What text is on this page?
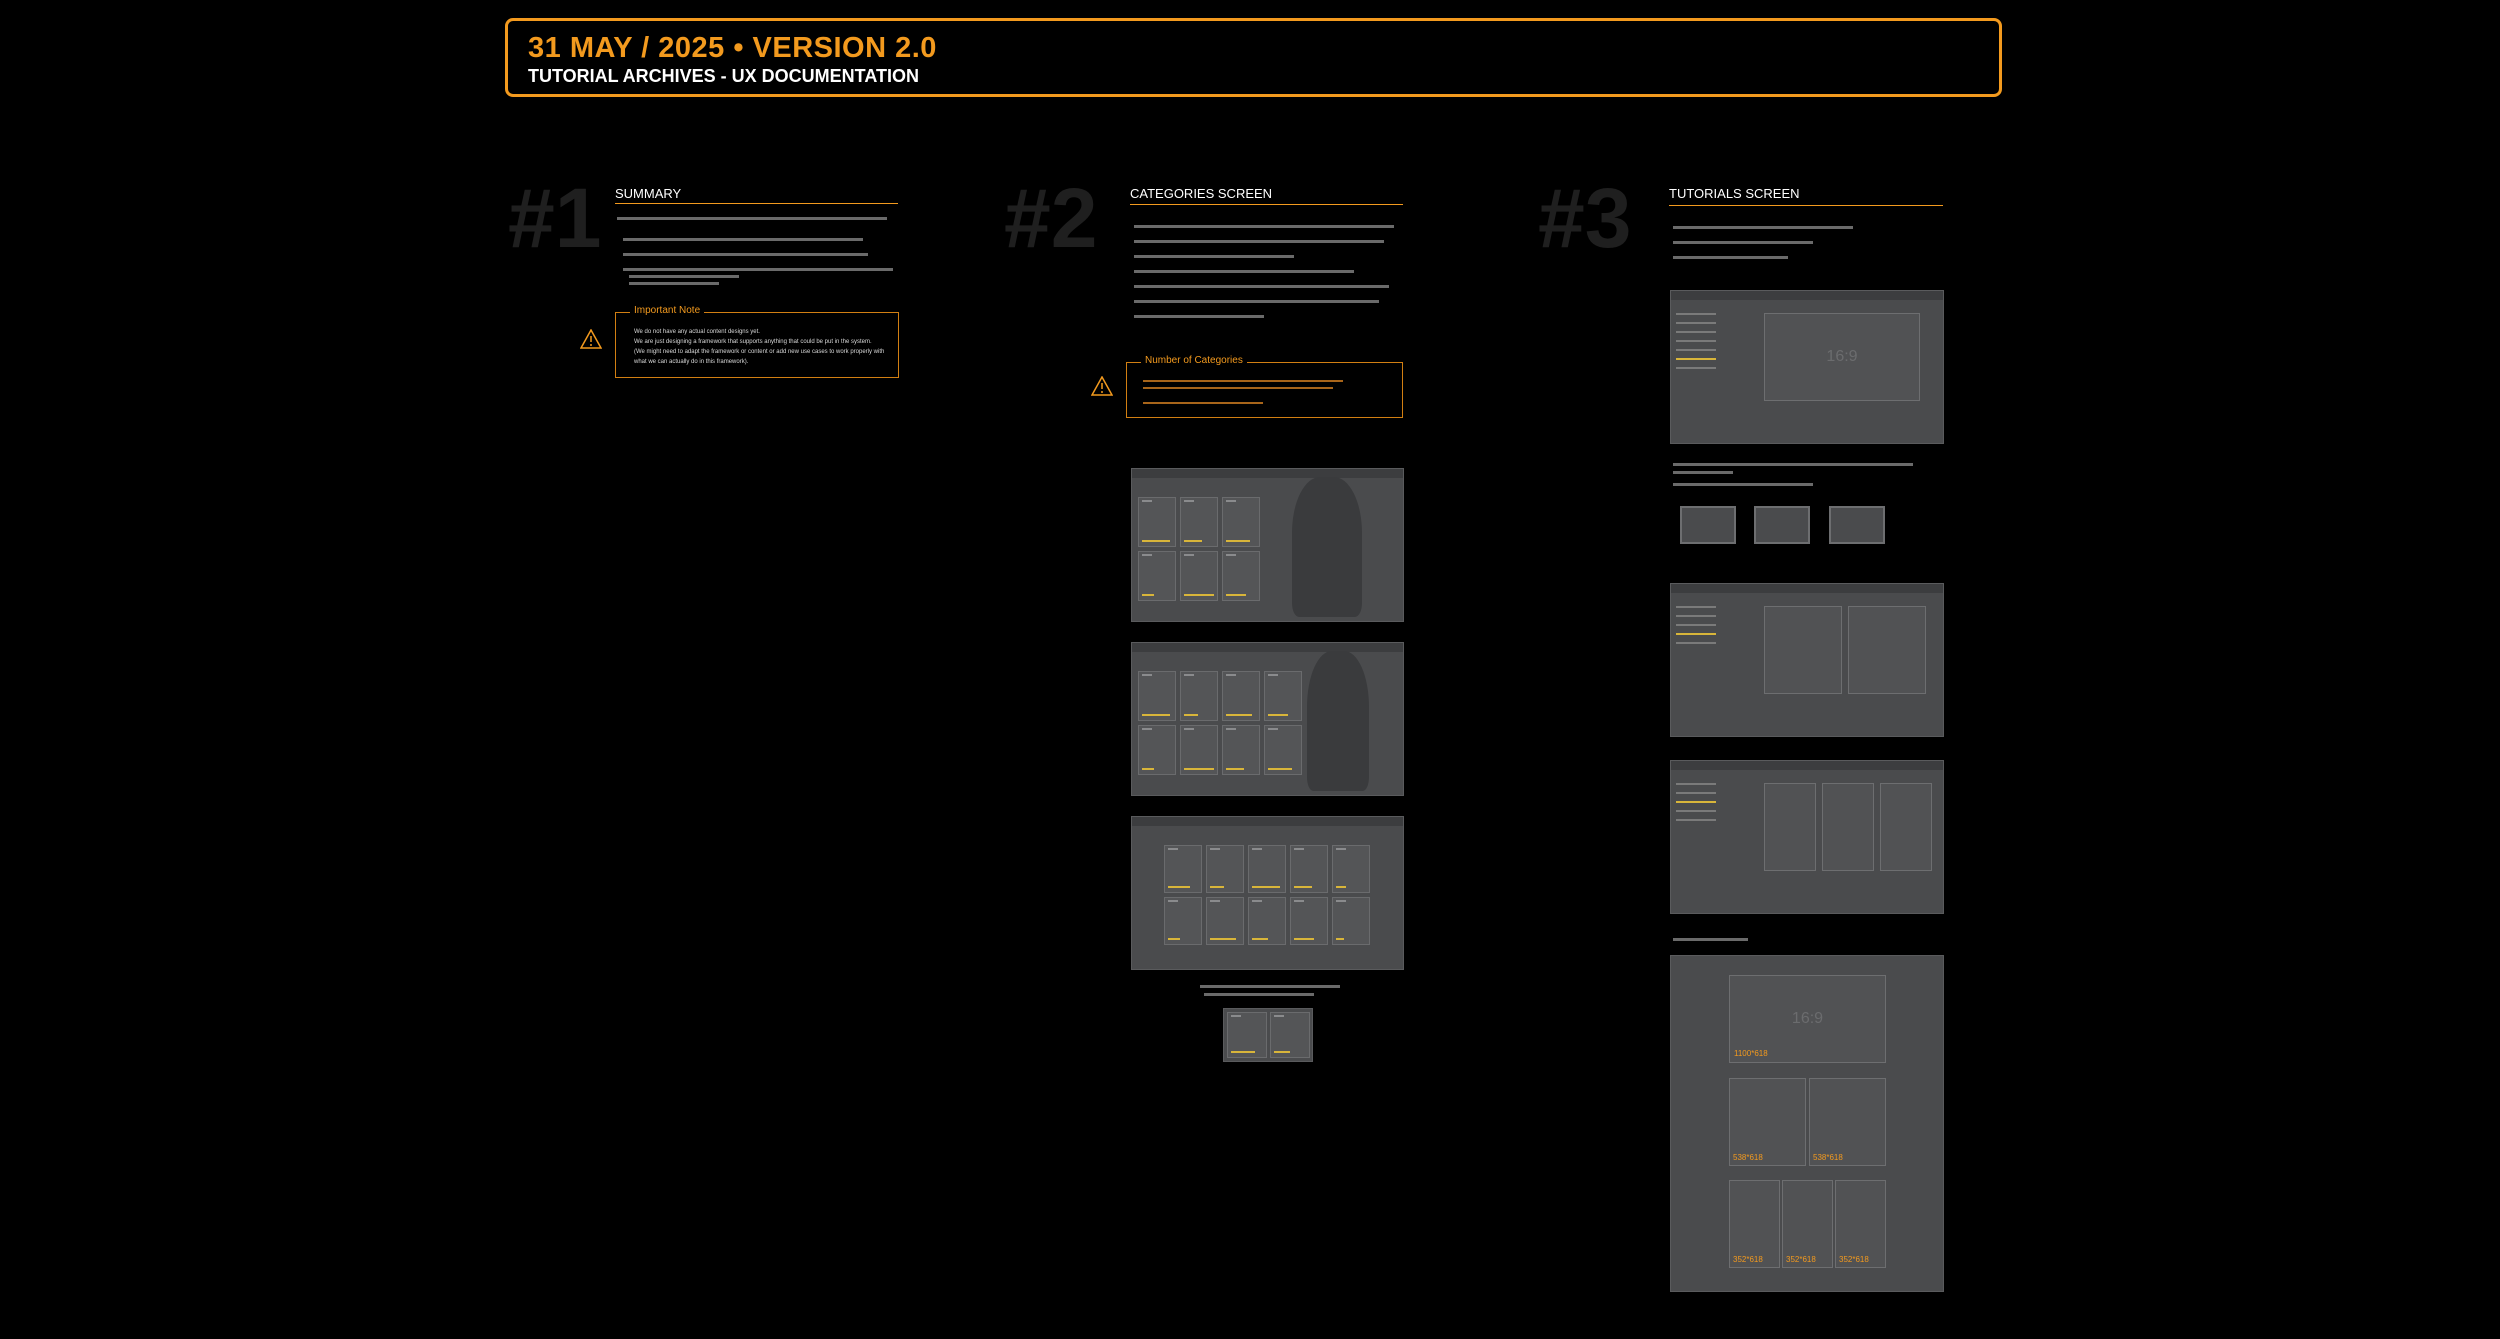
31 MAY / 2025 • VERSION 2.0
TUTORIAL ARCHIVES - UX DOCUMENTATION
#1 SUMMARY
Important Note
We do not have any actual content designs yet.
We are just designing a framework that supports anything that could be put in the system.
(We might need to adapt the framework or content or add new use cases to work properly with
what we can actually do in this framework).
#2	CATEGORIES SCREEN
Number of Categories
#3	TUTORIALS SCREEN
16:9
16:9
1100*618
538*618	538*618
352*618	352*618	352*618
